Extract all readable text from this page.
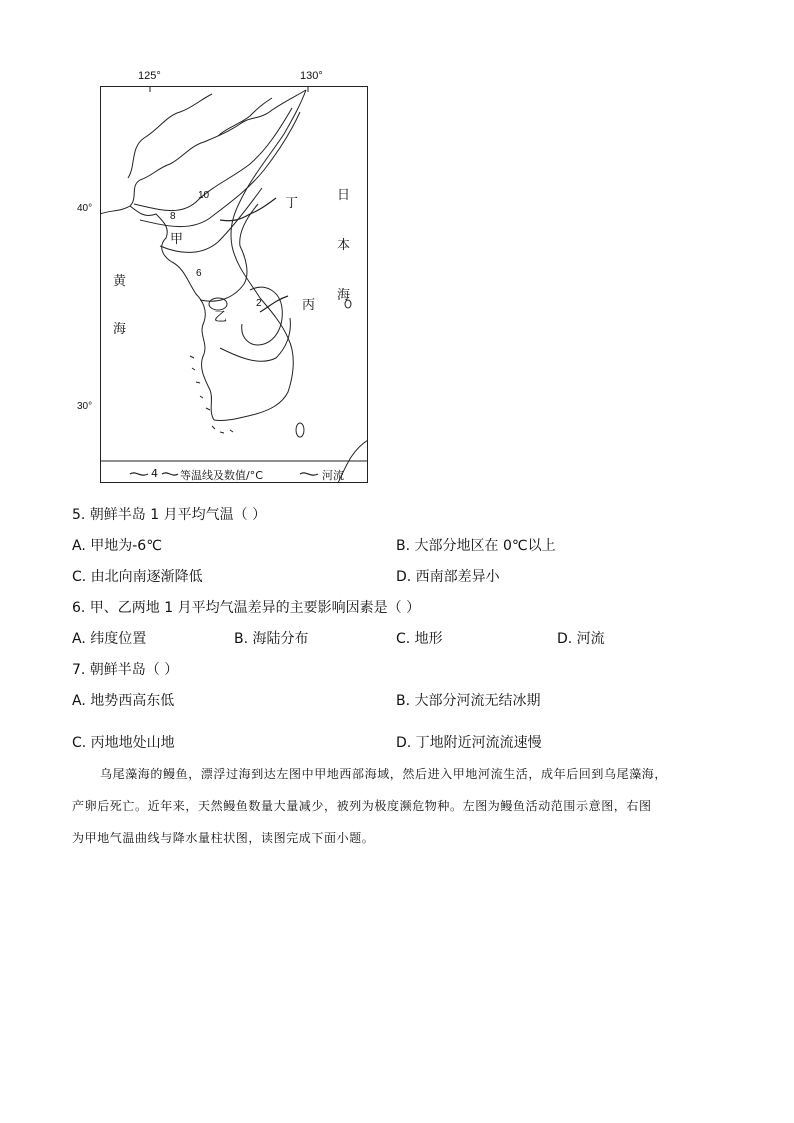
125°	130°
40°
30°
甲
乙
丙
丁
黄
海
日
本
海
10
8
6
2
4 等温线及数值/°C	河流
5. 朝鲜半岛 1 月平均气温（ ）
A. 甲地为-6℃	B. 大部分地区在 0℃以上
C. 由北向南逐渐降低	D. 西南部差异小
6. 甲、乙两地 1 月平均气温差异的主要影响因素是（ ）
A. 纬度位置	B. 海陆分布	C. 地形	D. 河流
7. 朝鲜半岛（ ）
A. 地势西高东低	B. 大部分河流无结冰期
C. 丙地地处山地	D. 丁地附近河流流速慢
乌尾藻海的鳗鱼，漂浮过海到达左图中甲地西部海域，然后进入甲地河流生活，成年后回到乌尾藻海，
产卵后死亡。近年来，天然鳗鱼数量大量减少，被列为极度濒危物种。左图为鳗鱼活动范围示意图，右图
为甲地气温曲线与降水量柱状图，读图完成下面小题。
